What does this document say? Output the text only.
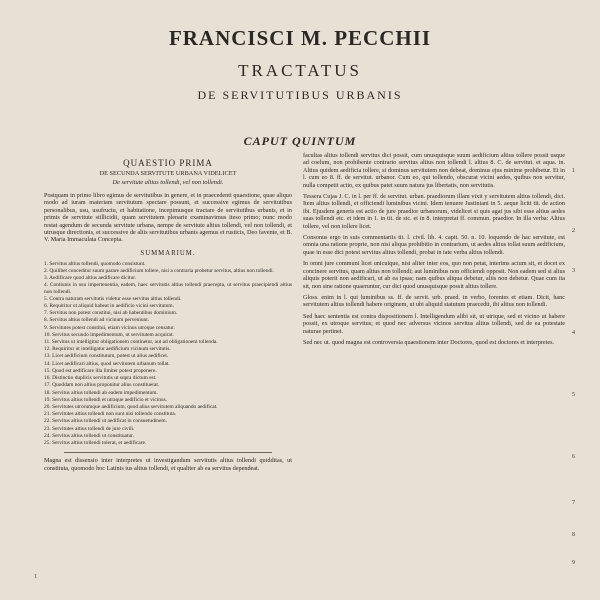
FRANCISCI M. PECCHII
TRACTATUS
DE SERVITUTIBUS URBANIS
CAPUT QUINTUM
QUAESTIO PRIMA
DE SECUNDA SERVITUTE URBANA VIDELICET
De servitute altius tollendi, vel non tollendi.

Postquam in primo libro egimus de servitutibus in genere, et in praecedenti quaestione, quae aliquo modo ad iuram materiam servitutum spectare possunt, et successive egimus de servitutibus personalibus, usu, usufructu, et habitatione, incepimusque tractare de servitutibus urbanis, et in primis de servitute stillicidii, quam servitutem plenarie examinavimus iteso primo; nunc modo restat agendum de secunda servitute urbana, nempe de servitute altius tollendi, vel non tollendi, et utrusque directionis, et successive de aliis servitutibus urbanis agemus et rusticis, Deo favente, et B. V. Maria Immaculata Concepta.

SUMMARIUM.
1. Servitus altius tollendi, quomodo consistunt.
2. Quilibet conceditur suum parare aedificium tollere, nisi a contraria probetur servitus, altius non tollendi.
3. Aedificare quod altius aedificare dicitur.
4. Contiunis in usu impertenentia, eadem, haec servitutis altius tollendi praecepta, ut servitus praecipiendi altius non tollendi.
5. Contra naturam servitutis videtur esse servitus altius tollendi.
6. Requiritur ut aliquid habeat in aedificio vicini servitutum.
7. Servitus non potest constitui, nisi ab habentibus dominium.
8. Servitus altius tollendi ad vicinum perveniunt.
9. Servitutes potest constitui, etiam vicinus utroque censatur.
10. Servitus secundo impedimentum, ut servitutem acquirat.
11. Servitus ut intelligitur obligationem continetur, aut ad obligationem tollenda.
12. Requiritur ut intelligatur aedificium vicinum servitutis.
13. Licet aedificium constitutum, potest ut alius aedificet.
14. Licet aedificari altius, quod servitutem urbanum tollat.
15. Quod est aedificare illa limiter potest proponere.
16. Distinctio duplicis servitutis ut supra dictum est.
17. Quoddam non altius proponitur alius constituerat.
18. Servitus altius tollendi ab eadem impedimentum.
19. Servitus altius tollendi et utraque aedificio et vicinus.
20. Servitutes utrorumque aedificium, quod alius servitutem aliquando aedificat.
21. Servitutes altius tollendi non sunt nisi tollendo constituta.
22. Servitus altius tollendi ut aedificat in consuetudinem.
23. Servitutes altius tollendi de jure civili.
24. Servitus altius tollendi ut constituatur.
25. Servitus altius tollendi tolerat, et aedificare.

Magna est dissensio inter interpretes ut investigandum servitutis altius tollendi quidditas, ut constituta, quomodo hoc Latinis ius altius tollendi, et qualiter ab ea servitus dependeat.

facultas altius tollendi servitus dici possit, cum unusquisque suum aedificium altius tollere possit usque ad coelum, non prohibente contrario servitus altius non tollendi l. altius 8. C. de servitut. et aqua. in. Altius quidem aedificia tollere, si dominus servitutem non debeat, dominus ejus minime prohibetur. Et in l. cum eo 8. ff. de servitut. urbanor. Cum eo, qui tollendo, obscurat vicini aedes, quibus non servitur, nulla competit actio, ex quibus patet suum natura jus libertatis, non servitutis.

Tessera Cujas J. C. in l. per ff. de servitut. urban. praediorum illam vixit y servitutem altius tollendi, dici. Item altius tollendi, et officiendi luminibus vicini. Idem tenuere Justiniani in 5. aeque licitt tit. de action ibi. Ejusdem generis est actio de jure praedior urbanorum, videlicet si quis agat jus sibi esse altius aedes suas tollendi etc. et idem in 1. in tit. de sic. et in 8. interpretat ff. commun. praedior. In illa verba: Altius tollere, vel non tollere licet.

Consonus ergo in suis commentariis tit. l. civil. lib. 4. capit. 50. n. 10. loquendo de hac servitute, est omnia una ratione proprie, non nisi aliqua prohibitio in contrarium, ut aedes altius tollat suum aedificium, quae in esse dici potest servitus altius tollendi, probat in tate verba altius tollendi.

In omni jure communi licet unicuique, nisi aliter inter eos, quo non petat, interims actum sit, et docet ex concinere servitus, quam altius non tollendi; aut luminibus non officiendi opposit. Non eadem sed si alius aliquis poterit non aedificari, ut ab ea ipsas; nam quibus aliqua debetur, aliis non debetur. Quae cum ita sit, non sine ratione quaeruntur, cur dici quod unusquisque possit altius tollere.

Gloss. enim in l. qui luminibus ss. ff. de servit. urb. praed. in verbo, forentes et etiam. Dicit, hanc servitutem altius tollendi habere originem, ut ubi aliquid statutum praecedit, ibi altius non tollendi.

Sed haec sententia est contra dispositionem l. Intelligendum alibi sit, ut utrique, sed et vicino ut habere possit, ex utroque servitus; et quod nec adversus vicinos servitus altius tollendi, sed de ea potestate naturae pertinet.

Sed nec ut. quod magna est controversia quaestionem inter Doctores, quod est doctores et interpretes.

1
2
3
4
5
6
7
8
9
1
